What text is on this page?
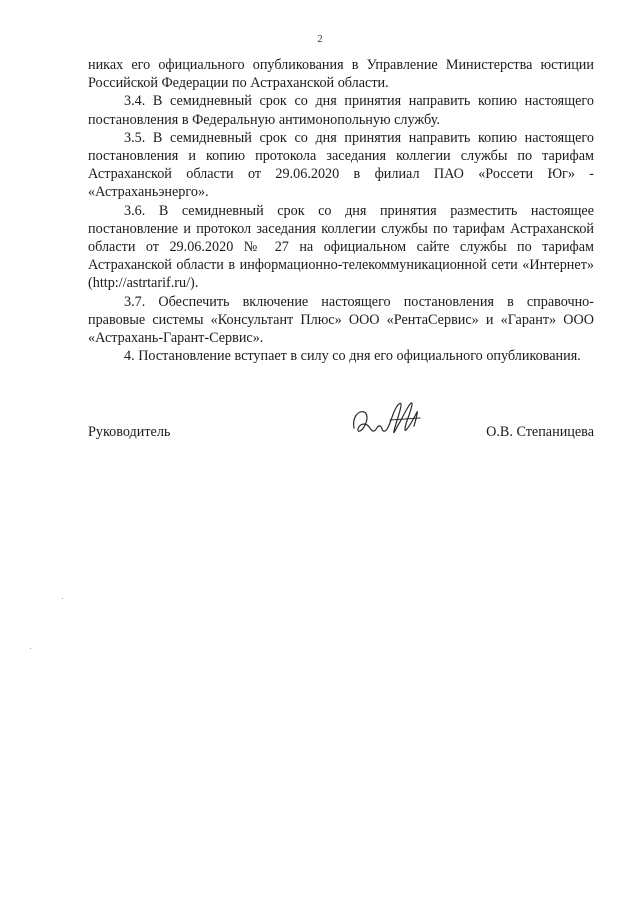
2

никах его официального опубликования в Управление Министерства юстиции Российской Федерации по Астраханской области.

3.4. В семидневный срок со дня принятия направить копию настоящего постановления в Федеральную антимонопольную службу.

3.5. В семидневный срок со дня принятия направить копию настоящего постановления и копию протокола заседания коллегии службы по тарифам Астраханской области от 29.06.2020 в филиал ПАО «Россети Юг» - «Астраханьэнерго».

3.6. В семидневный срок со дня принятия разместить настоящее постановление и протокол заседания коллегии службы по тарифам Астраханской области от 29.06.2020 № 27 на официальном сайте службы по тарифам Астраханской области в информационно-телекоммуникационной сети «Интернет» (http://astrtarif.ru/).

3.7. Обеспечить включение настоящего постановления в справочно-правовые системы «Консультант Плюс» ООО «РентаСервис» и «Гарант» ООО «Астрахань-Гарант-Сервис».

4. Постановление вступает в силу со дня его официального опубликования.

Руководитель	О.В. Степаницева
